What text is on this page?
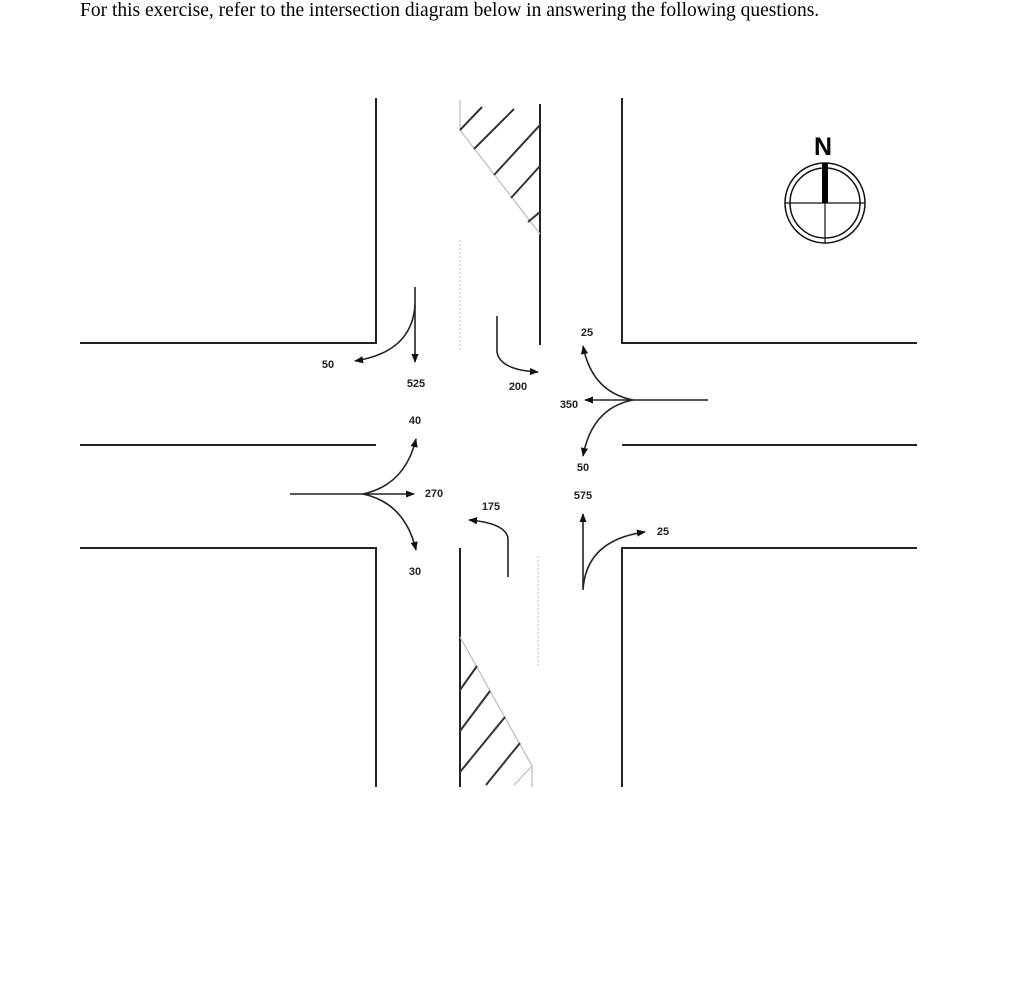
For this exercise, refer to the intersection diagram below in answering the following questions.
50
525	200
40
270
30
25
350
50
575
25
175
N
